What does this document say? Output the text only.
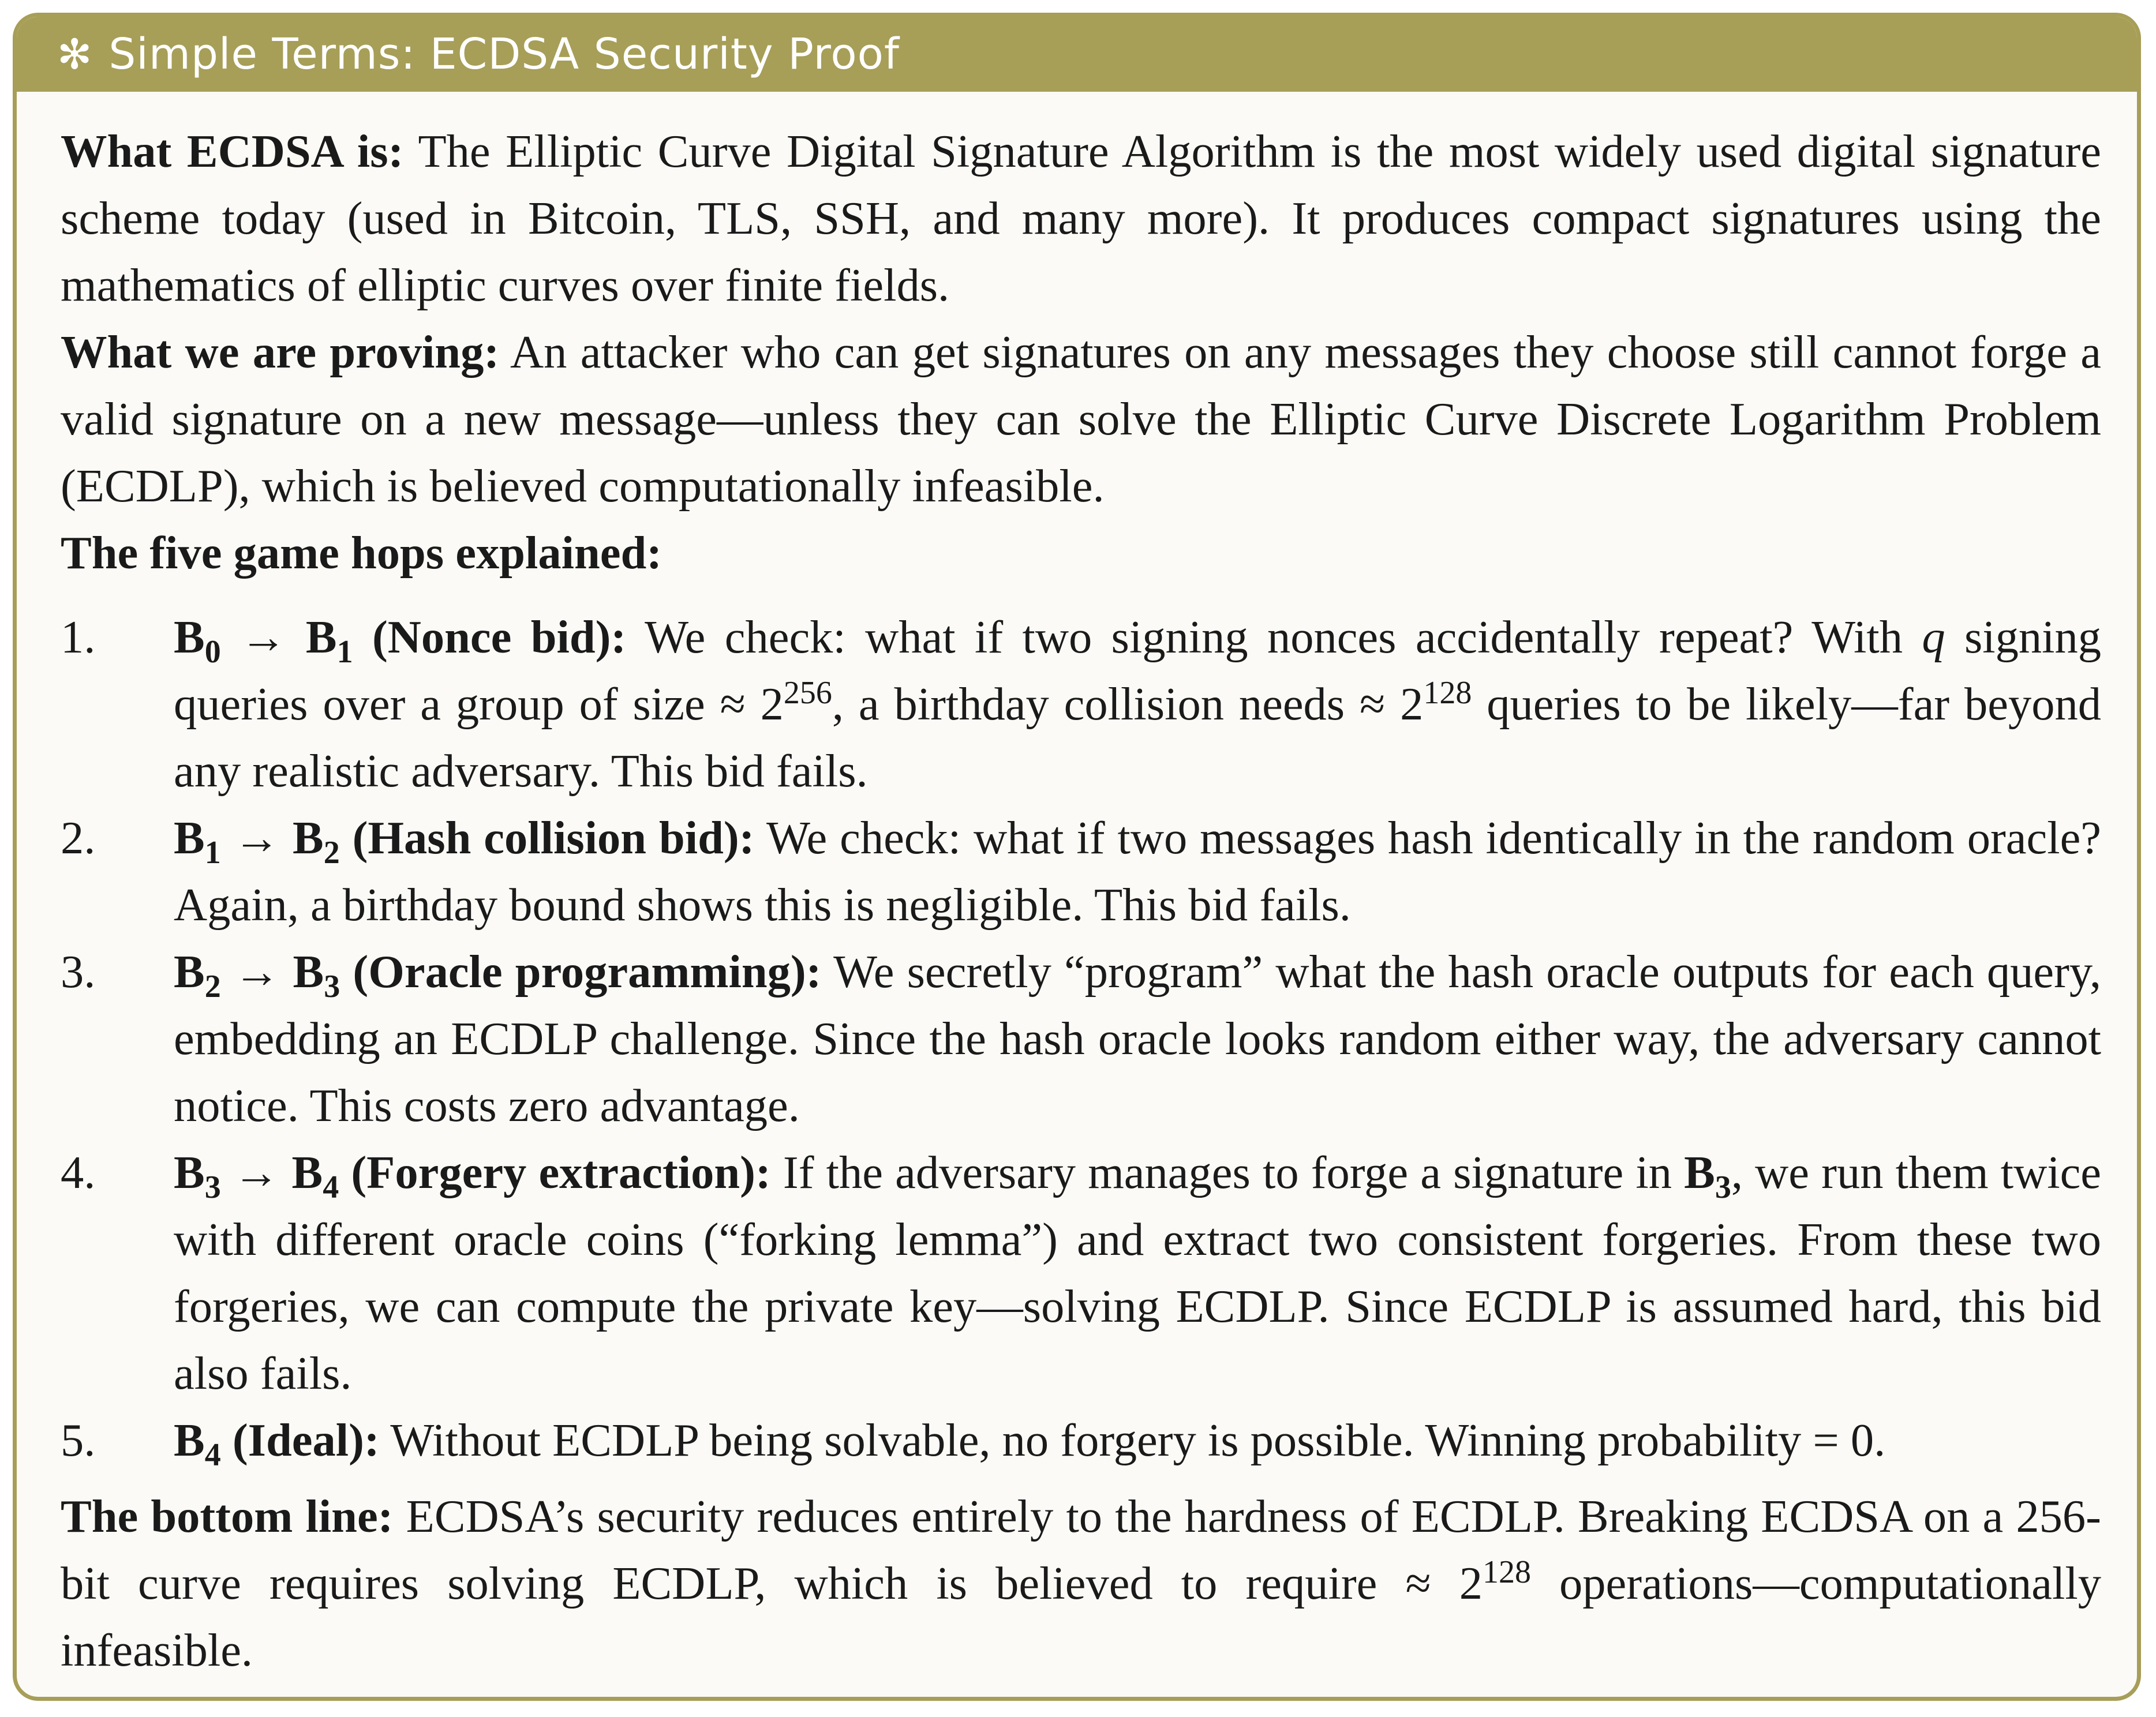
✻ Simple Terms: ECDSA Security Proof

What ECDSA is: The Elliptic Curve Digital Signature Algorithm is the most widely used digital signature scheme today (used in Bitcoin, TLS, SSH, and many more). It produces compact signatures using the mathematics of elliptic curves over finite fields.

What we are proving: An attacker who can get signatures on any messages they choose still cannot forge a valid signature on a new message—unless they can solve the Elliptic Curve Discrete Logarithm Problem (ECDLP), which is believed computationally infeasible.

The five game hops explained:

1.	$B_0 \to B_1$ (Nonce bid): We check: what if two signing nonces accidentally repeat? With q signing queries over a group of size ≈ $2^{256}$, a birthday collision needs ≈ $2^{128}$ queries to be likely—far beyond any realistic adversary. This bid fails.
2.	$B_1 \to B_2$ (Hash collision bid): We check: what if two messages hash identically in the random oracle? Again, a birthday bound shows this is negligible. This bid fails.
3.	$B_2 \to B_3$ (Oracle programming): We secretly “program” what the hash oracle outputs for each query, embedding an ECDLP challenge. Since the hash oracle looks random either way, the adversary cannot notice. This costs zero advantage.
4.	$B_3 \to B_4$ (Forgery extraction): If the adversary manages to forge a signature in $B_3$, we run them twice with different oracle coins (“forking lemma”) and extract two consistent forgeries. From these two forgeries, we can compute the private key—solving ECDLP. Since ECDLP is assumed hard, this bid also fails.
5.	$B_4$ (Ideal): Without ECDLP being solvable, no forgery is possible. Winning probability = 0.

The bottom line: ECDSA’s security reduces entirely to the hardness of ECDLP. Breaking ECDSA on a 256-bit curve requires solving ECDLP, which is believed to require ≈ $2^{128}$ operations—computationally infeasible.
